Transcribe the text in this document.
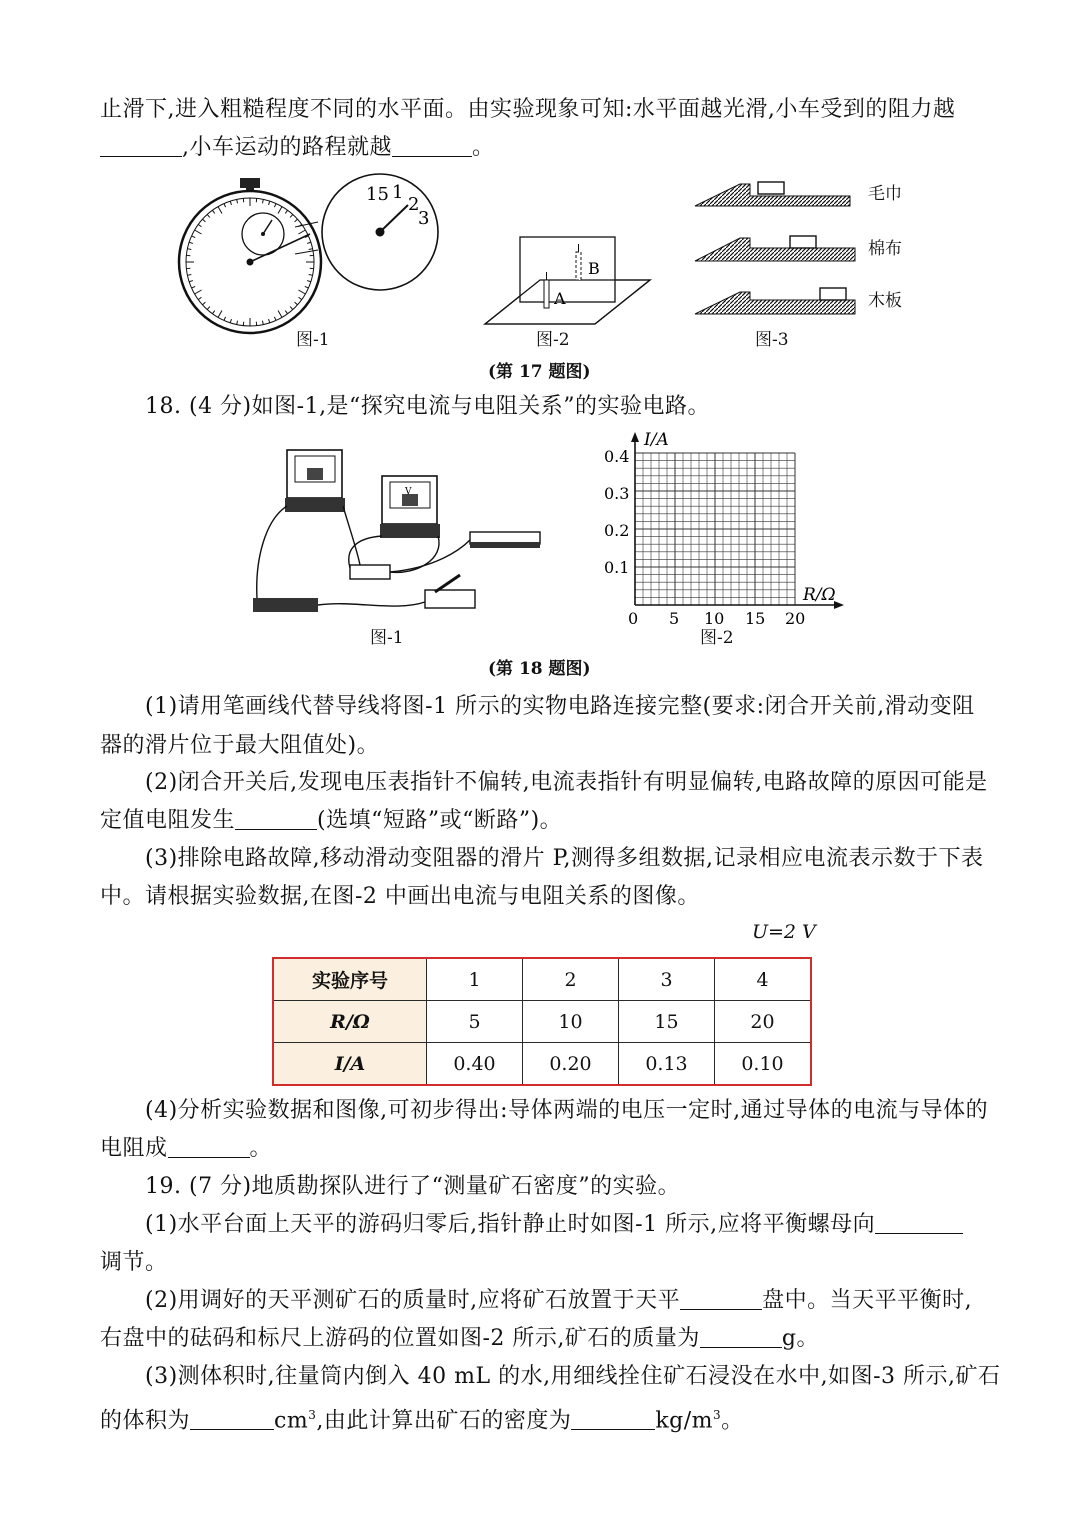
止滑下,进入粗糙程度不同的水平面。由实验现象可知:水平面越光滑,小车受到的阻力越
,小车运动的路程就越	。
15 1
2
3
图-1
A
B
图-2
毛巾
棉布
木板
图-3
(第 17 题图)
18. (4 分)如图-1,是“探究电流与电阻关系”的实验电路。
V
图-1
I/A
R/Ω
0.4
0.3
0.2
0.1
0 5 10 15 20
图-2
(第 18 题图)
(1)请用笔画线代替导线将图-1 所示的实物电路连接完整(要求:闭合开关前,滑动变阻
器的滑片位于最大阻值处)。
(2)闭合开关后,发现电压表指针不偏转,电流表指针有明显偏转,电路故障的原因可能是
定值电阻发生	(选填“短路”或“断路”)。
(3)排除电路故障,移动滑动变阻器的滑片 P,测得多组数据,记录相应电流表示数于下表
中。请根据实验数据,在图-2 中画出电流与电阻关系的图像。
U=2 V
实验序号	1	2	3	4
R/Ω	5	10	15	20
I/A	0.40	0.20	0.13	0.10
(4)分析实验数据和图像,可初步得出:导体两端的电压一定时,通过导体的电流与导体的
电阻成	。
19. (7 分)地质勘探队进行了“测量矿石密度”的实验。
(1)水平台面上天平的游码归零后,指针静止时如图-1 所示,应将平衡螺母向
调节。
(2)用调好的天平测矿石的质量时,应将矿石放置于天平	盘中。当天平平衡时,
右盘中的砝码和标尺上游码的位置如图-2 所示,矿石的质量为	g。
(3)测体积时,往量筒内倒入 40 mL 的水,用细线拴住矿石浸没在水中,如图-3 所示,矿石
的体积为	$cm^3$,由此计算出矿石的密度为	$kg/m^3$。
